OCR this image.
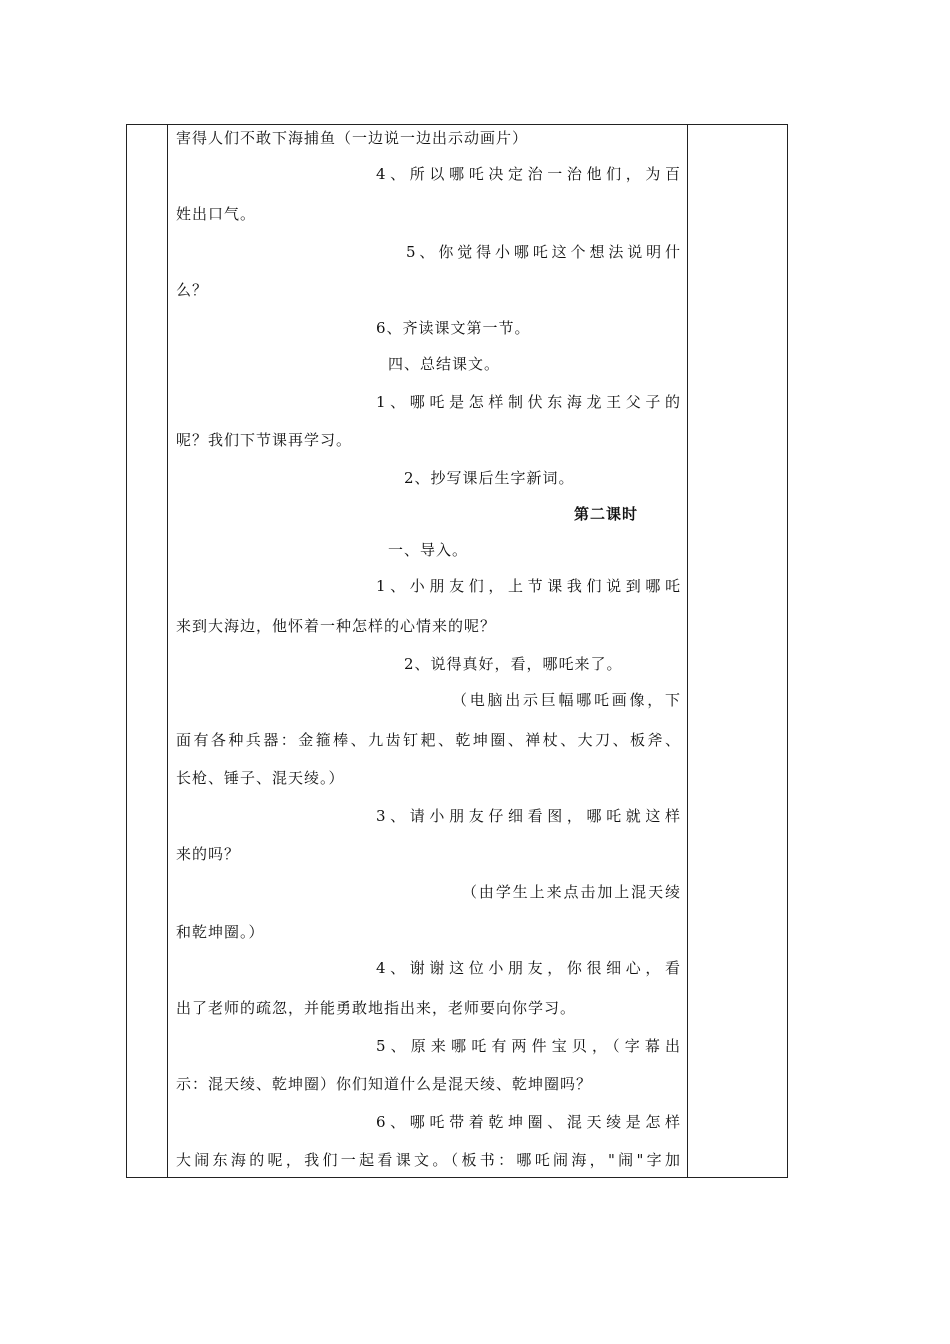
害得人们不敢下海捕鱼（一边说一边出示动画片）
4、所以哪吒决定治一治他们，为百
姓出口气。
5、你觉得小哪吒这个想法说明什
么？
6、齐读课文第一节。
四、总结课文。
1、哪吒是怎样制伏东海龙王父子的
呢？我们下节课再学习。
2、抄写课后生字新词。
第二课时
一、导入。
1、小朋友们，上节课我们说到哪吒
来到大海边，他怀着一种怎样的心情来的呢？
2、说得真好，看，哪吒来了。
（电脑出示巨幅哪吒画像，下
面有各种兵器：金箍棒、九齿钉耙、乾坤圈、禅杖、大刀、板斧、
长枪、锤子、混天绫。）
3、请小朋友仔细看图，哪吒就这样
来的吗？
（由学生上来点击加上混天绫
和乾坤圈。）
4、谢谢这位小朋友，你很细心，看
出了老师的疏忽，并能勇敢地指出来，老师要向你学习。
5、原来哪吒有两件宝贝，（字幕出
示：混天绫、乾坤圈）你们知道什么是混天绫、乾坤圈吗？
6、哪吒带着乾坤圈、混天绫是怎样
大闹东海的呢，我们一起看课文。（板书：哪吒闹海，"闹"字加
